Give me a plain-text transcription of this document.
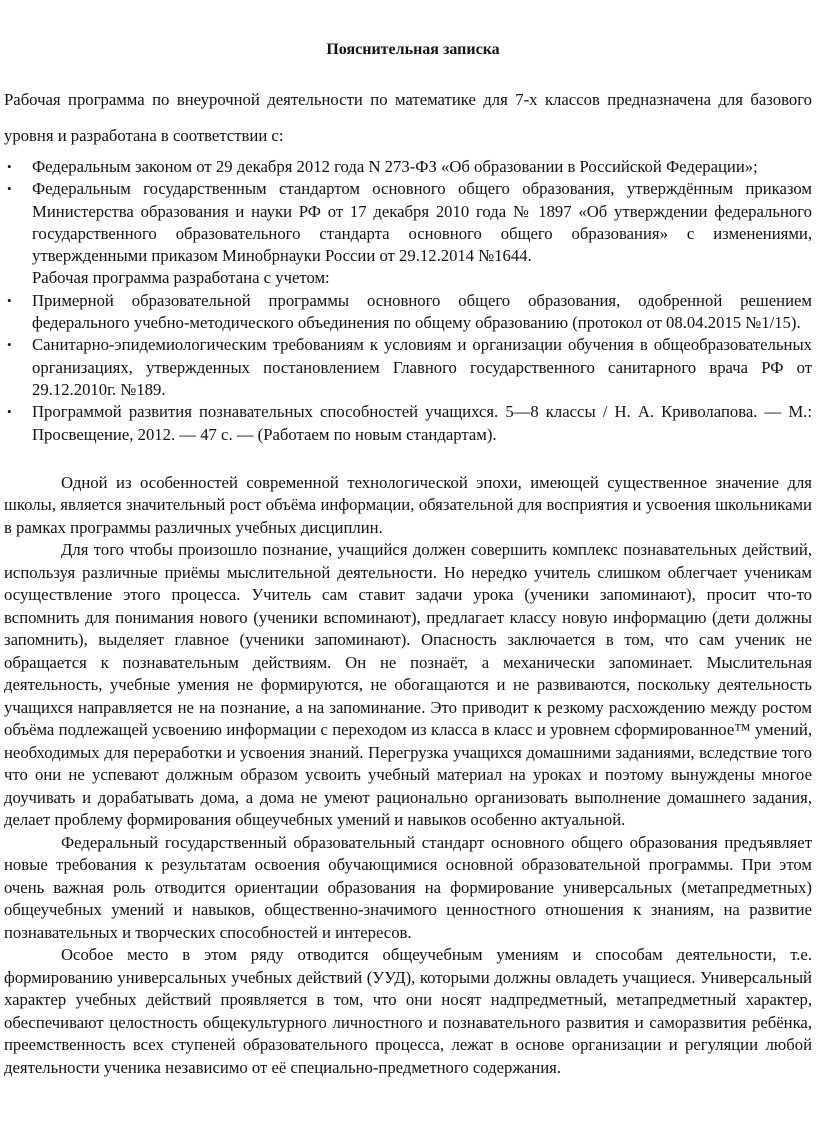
Пояснительная записка

Рабочая программа по внеурочной деятельности по математике для 7-х классов предназначена для базового уровня и разработана в соответствии с:

• Федеральным законом от 29 декабря 2012 года N 273-ФЗ «Об образовании в Российской Федерации»;
• Федеральным государственным стандартом основного общего образования, утверждённым приказом Министерства образования и науки РФ от 17 декабря 2010 года № 1897 «Об утверждении федерального государственного образовательного стандарта основного общего образования» с изменениями, утвержденными приказом Минобрнауки России от 29.12.2014 №1644.

Рабочая программа разработана с учетом:

• Примерной образовательной программы основного общего образования, одобренной решением федерального учебно-методического объединения по общему образованию (протокол от 08.04.2015 №1/15).
• Санитарно-эпидемиологическим требованиям к условиям и организации обучения в общеобразовательных организациях, утвержденных постановлением Главного государственного санитарного врача РФ от 29.12.2010г. №189.
• Программой развития познавательных способностей учащихся. 5—8 классы / Н. А. Криволапова. — М.: Просвещение, 2012. — 47 с. — (Работаем по новым стандартам).

Одной из особенностей современной технологической эпохи, имеющей существенное значение для школы, является значительный рост объёма информации, обязательной для восприятия и усвоения школьниками в рамках программы различных учебных дисциплин.

Для того чтобы произошло познание, учащийся должен совершить комплекс познавательных действий, используя различные приёмы мыслительной деятельности. Но нередко учитель слишком облегчает ученикам осуществление этого процесса. Учитель сам ставит задачи урока (ученики запоминают), просит что-то вспомнить для понимания нового (ученики вспоминают), предлагает классу новую информацию (дети должны запомнить), выделяет главное (ученики запоминают). Опасность заключается в том, что сам ученик не обращается к познавательным действиям. Он не познаёт, а механически запоминает. Мыслительная деятельность, учебные умения не формируются, не обогащаются и не развиваются, поскольку деятельность учащихся направляется не на познание, а на запоминание. Это приводит к резкому расхождению между ростом объёма подлежащей усвоению информации с переходом из класса в класс и уровнем сформированное™ умений, необходимых для переработки и усвоения знаний. Перегрузка учащихся домашними заданиями, вследствие того что они не успевают должным образом усвоить учебный материал на уроках и поэтому вынуждены многое доучивать и дорабатывать дома, а дома не умеют рационально организовать выполнение домашнего задания, делает проблему формирования общеучебных умений и навыков особенно актуальной.

Федеральный государственный образовательный стандарт основного общего образования предъявляет новые требования к результатам освоения обучающимися основной образовательной программы. При этом очень важная роль отводится ориентации образования на формирование универсальных (метапредметных) общеучебных умений и навыков, общественно-значимого ценностного отношения к знаниям, на развитие познавательных и творческих способностей и интересов.

Особое место в этом ряду отводится общеучебным умениям и способам деятельности, т.е. формированию универсальных учебных действий (УУД), которыми должны овладеть учащиеся. Универсальный характер учебных действий проявляется в том, что они носят надпредметный, метапредметный характер, обеспечивают целостность общекультурного личностного и познавательного развития и саморазвития ребёнка, преемственность всех ступеней образовательного процесса, лежат в основе организации и регуляции любой деятельности ученика независимо от её специально-предметного содержания.
